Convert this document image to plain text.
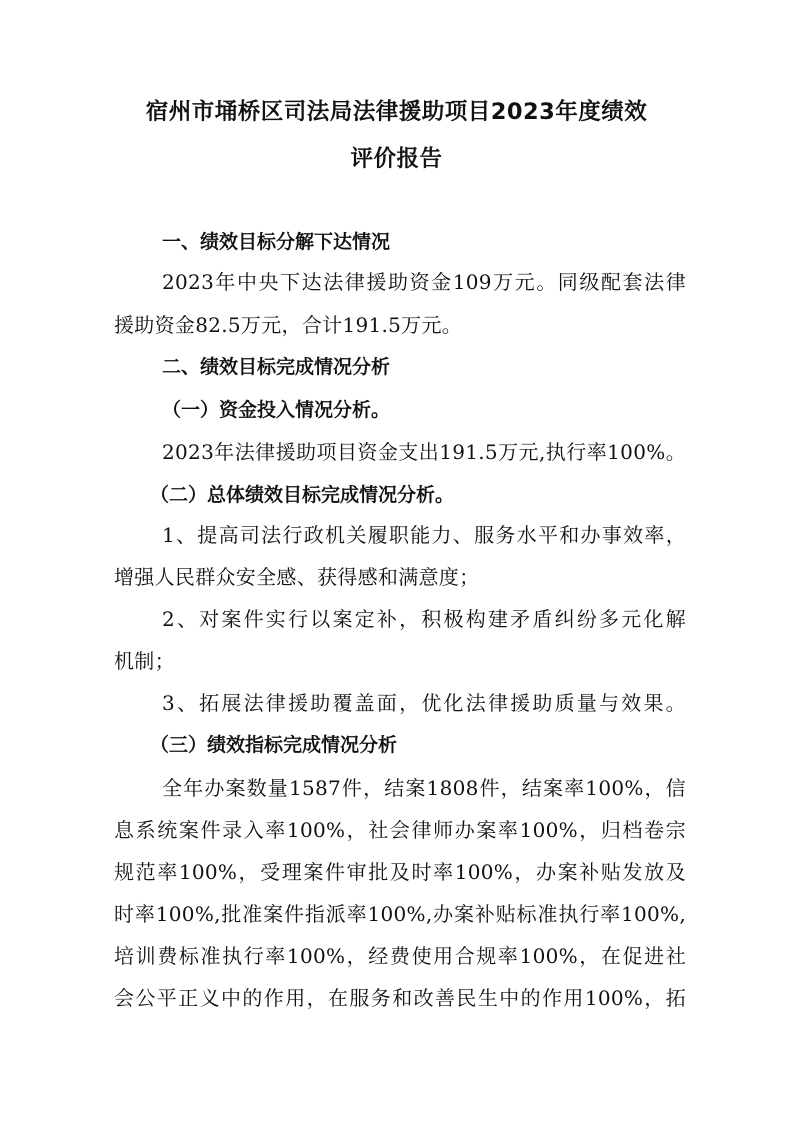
宿州市埇桥区司法局法律援助项目2023年度绩效
评价报告

一、绩效目标分解下达情况

2023年中央下达法律援助资金109万元。同级配套法律

援助资金82.5万元，合计191.5万元。

二、绩效目标完成情况分析

（一）资金投入情况分析。

2023年法律援助项目资金支出191.5万元,执行率100%。

（二）总体绩效目标完成情况分析。

1、提高司法行政机关履职能力、服务水平和办事效率，

增强人民群众安全感、获得感和满意度；

2、对案件实行以案定补，积极构建矛盾纠纷多元化解

机制；

3、拓展法律援助覆盖面，优化法律援助质量与效果。

（三）绩效指标完成情况分析

全年办案数量1587件，结案1808件，结案率100%，信

息系统案件录入率100%，社会律师办案率100%，归档卷宗

规范率100%，受理案件审批及时率100%，办案补贴发放及

时率100%,批准案件指派率100%,办案补贴标准执行率100%,

培训费标准执行率100%，经费使用合规率100%，在促进社

会公平正义中的作用，在服务和改善民生中的作用100%，拓
